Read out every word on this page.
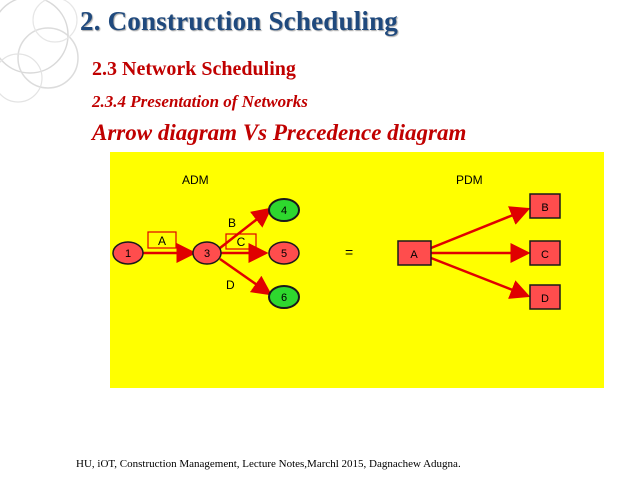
2. Construction Scheduling
2.3 Network Scheduling
2.3.4 Presentation of Networks
Arrow diagram Vs Precedence diagram
ADM	PDM
A
B
C
D
1	3
4
5
6
=	A
B
C
D
HU, iOT, Construction Management, Lecture Notes,Marchl 2015, Dagnachew Adugna.
